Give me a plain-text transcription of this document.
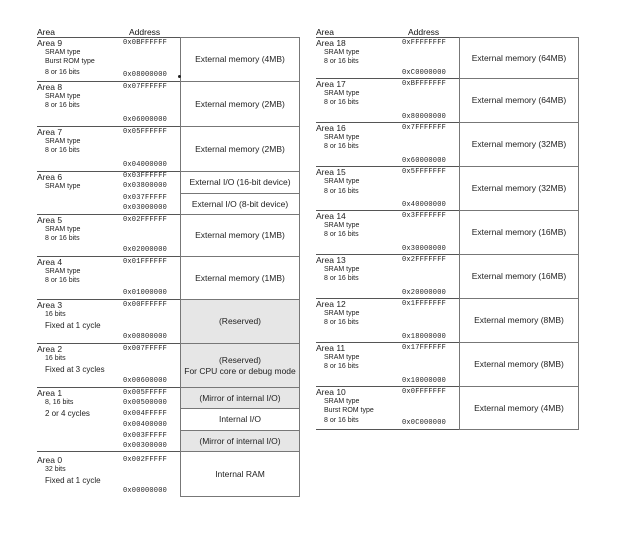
Area	Address
External memory (4MB)
External memory (2MB)
External memory (2MB)
External I/O (16-bit device)
External I/O (8-bit device)
External memory (1MB)
External memory (1MB)
(Reserved)
(Reserved)
For CPU core or debug mode
(Mirror of internal I/O)
Internal I/O
(Mirror of internal I/O)
Internal RAM
Area 9
SRAM type
Burst ROM type
8 or 16 bits
0x0BFFFFFF
0x08000000
Area 8
SRAM type
8 or 16 bits
0x07FFFFFF
0x06000000
Area 7
SRAM type
8 or 16 bits
0x05FFFFFF
0x04000000
Area 6
SRAM type
0x03FFFFFF
0x03800000
0x037FFFFF
0x03000000
Area 5
SRAM type
8 or 16 bits
0x02FFFFFF
0x02000000
Area 4
SRAM type
8 or 16 bits
0x01FFFFFF
0x01000000
Area 3
16 bits
Fixed at 1 cycle
0x00FFFFFF
0x00800000
Area 2
16 bits
Fixed at 3 cycles
0x007FFFFF
0x00600000
Area 1
8, 16 bits
2 or 4 cycles
0x005FFFFF
0x00500000
0x004FFFFF
0x00400000
0x003FFFFF
0x00300000
Area 0
32 bits
Fixed at 1 cycle
0x002FFFFF
0x00000000
Area	Address
External memory (64MB)
External memory (64MB)
External memory (32MB)
External memory (32MB)
External memory (16MB)
External memory (16MB)
External memory (8MB)
External memory (8MB)
External memory (4MB)
Area 18
SRAM type
8 or 16 bits
0xFFFFFFFF
0xC0000000
Area 17
SRAM type
8 or 16 bits
0xBFFFFFFF
0x80000000
Area 16
SRAM type
8 or 16 bits
0x7FFFFFFF
0x60000000
Area 15
SRAM type
8 or 16 bits
0x5FFFFFFF
0x40000000
Area 14
SRAM type
8 or 16 bits
0x3FFFFFFF
0x30000000
Area 13
SRAM type
8 or 16 bits
0x2FFFFFFF
0x20000000
Area 12
SRAM type
8 or 16 bits
0x1FFFFFFF
0x18000000
Area 11
SRAM type
8 or 16 bits
0x17FFFFFF
0x10000000
Area 10
SRAM type
Burst ROM type
8 or 16 bits
0x0FFFFFFF
0x0C000000
